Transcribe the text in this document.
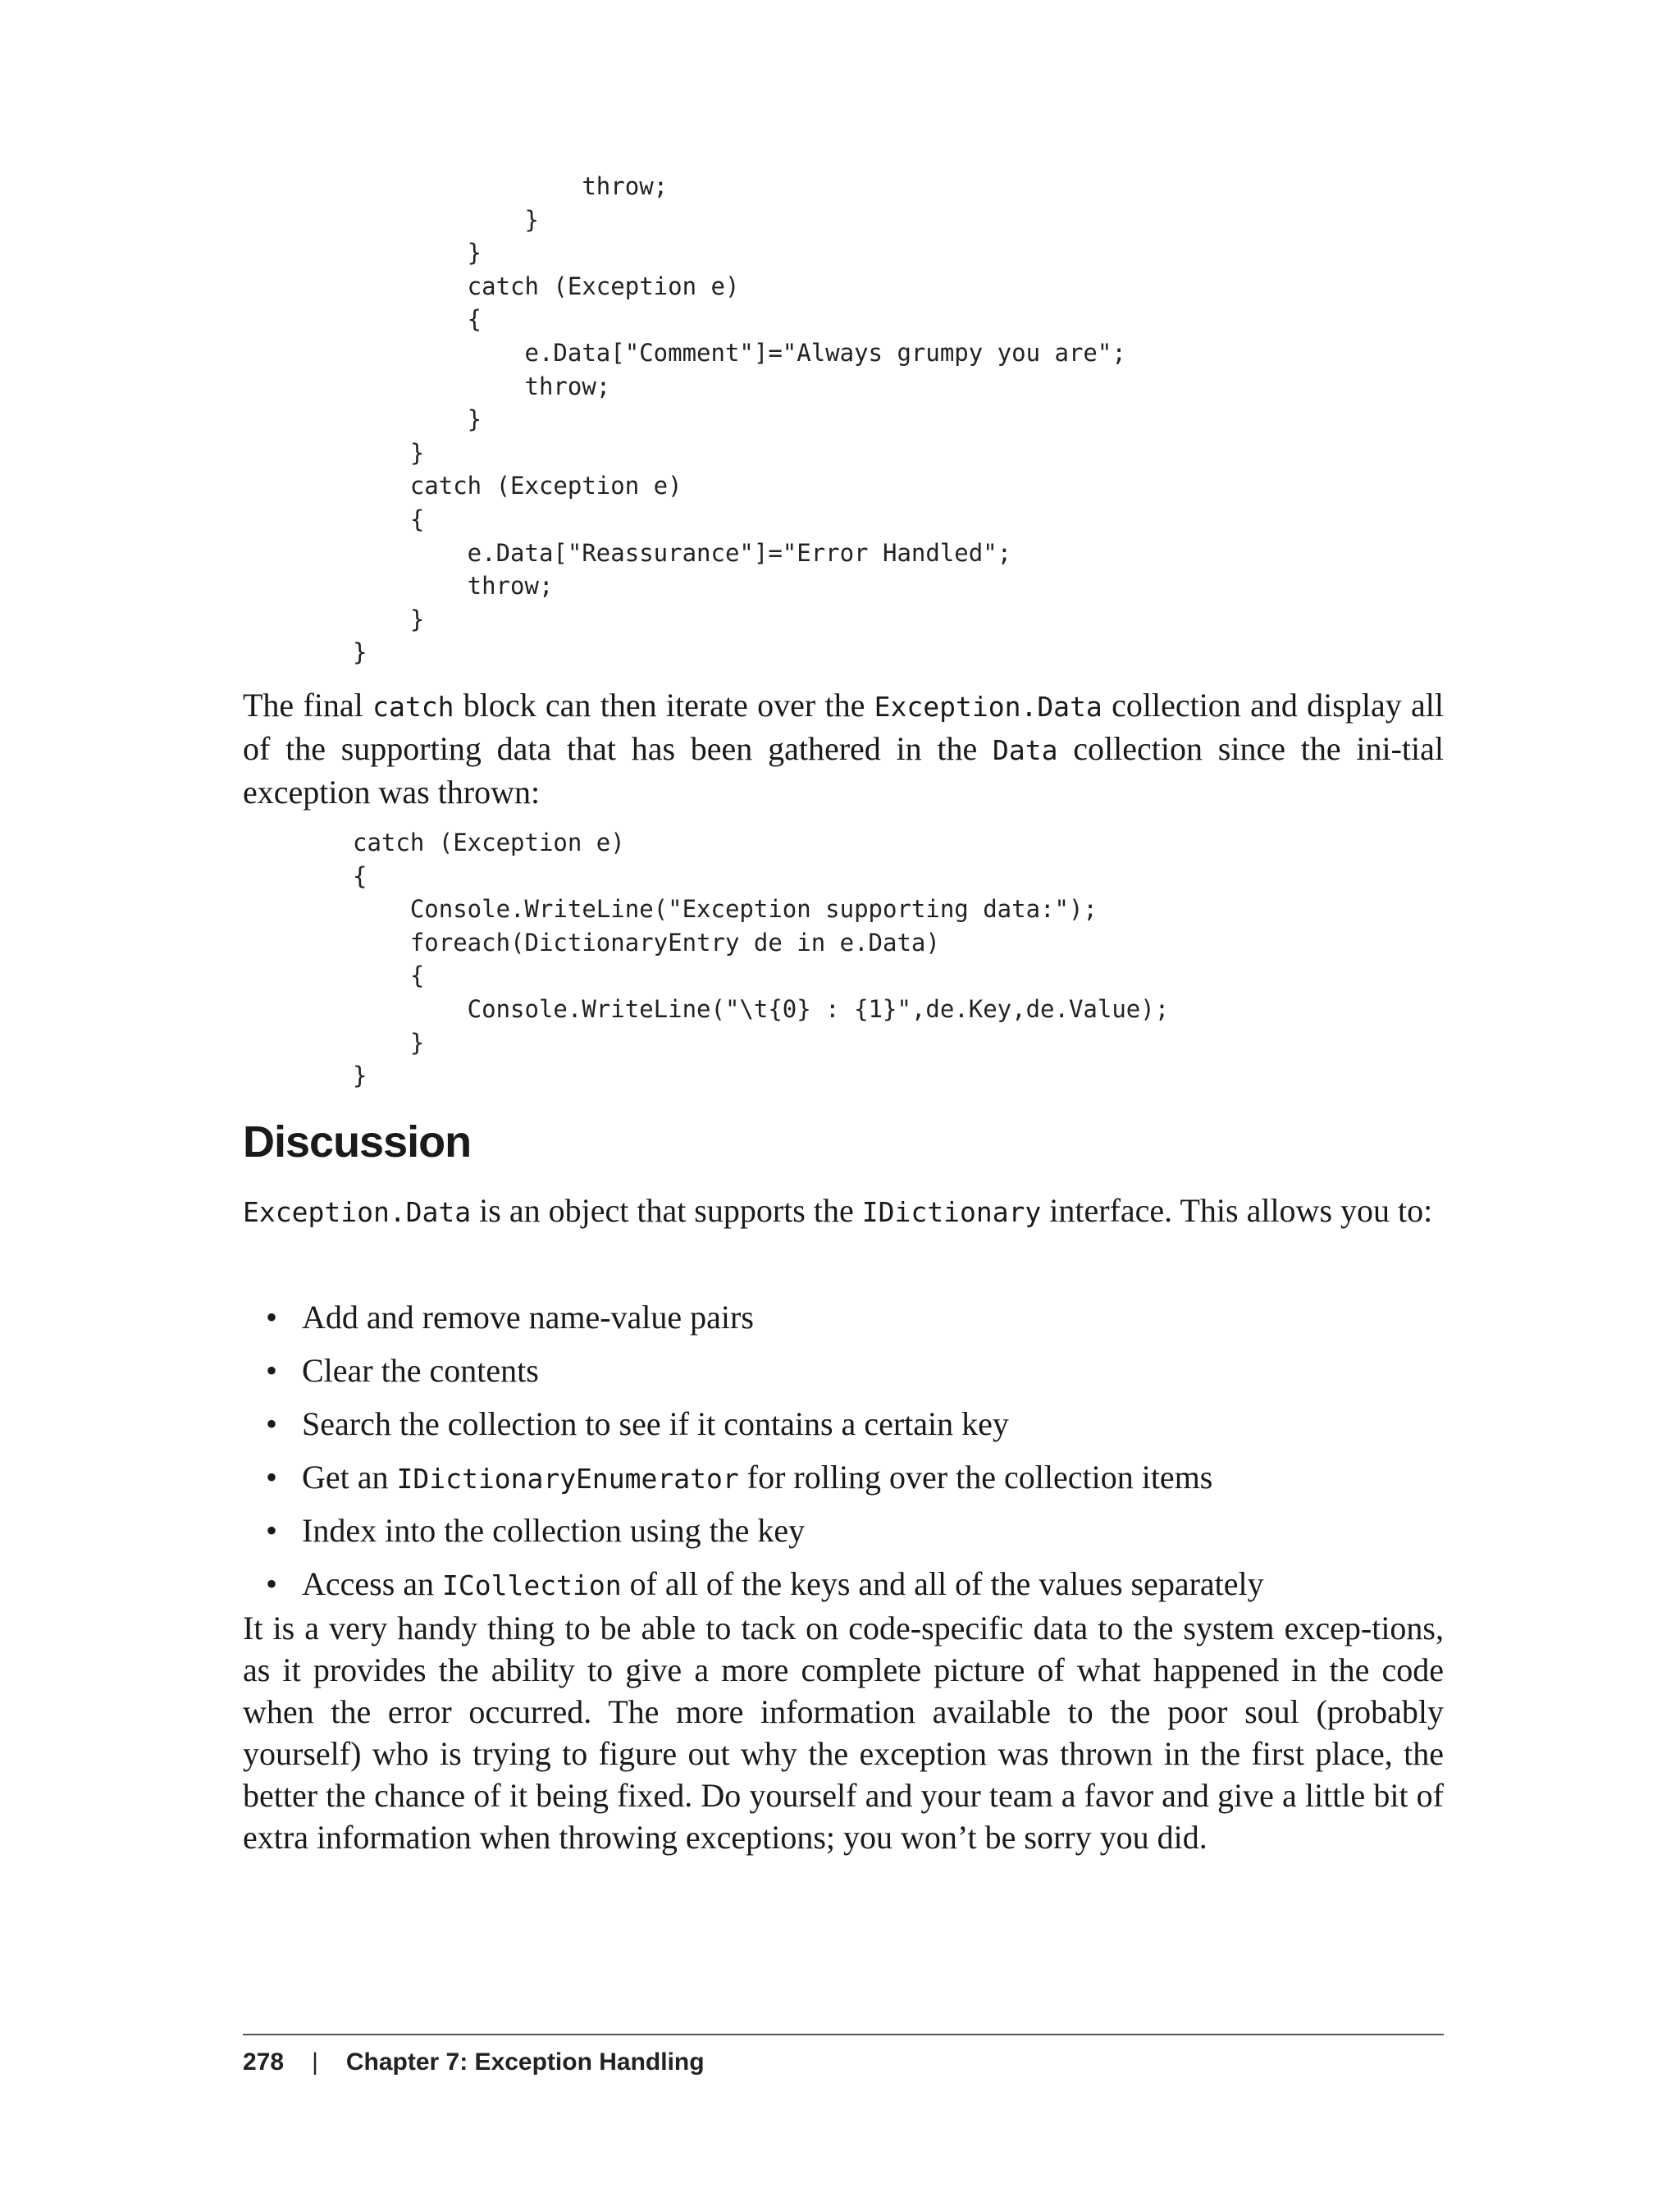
throw;
}
}
catch (Exception e)
{
e.Data["Comment"]="Always grumpy you are";
throw;
}
}
catch (Exception e)
{
e.Data["Reassurance"]="Error Handled";
throw;
}
}

The final catch block can then iterate over the Exception.Data collection and display all of the supporting data that has been gathered in the Data collection since the ini-tial exception was thrown:

catch (Exception e)
{
Console.WriteLine("Exception supporting data:");
foreach(DictionaryEntry de in e.Data)
{
Console.WriteLine("\t{0} : {1}",de.Key,de.Value);
}
}
Discussion

Exception.Data is an object that supports the IDictionary interface. This allows you to:

• Add and remove name-value pairs
• Clear the contents
• Search the collection to see if it contains a certain key
• Get an IDictionaryEnumerator for rolling over the collection items
• Index into the collection using the key
• Access an ICollection of all of the keys and all of the values separately

It is a very handy thing to be able to tack on code-specific data to the system excep-tions, as it provides the ability to give a more complete picture of what happened in the code when the error occurred. The more information available to the poor soul (probably yourself) who is trying to figure out why the exception was thrown in the first place, the better the chance of it being fixed. Do yourself and your team a favor and give a little bit of extra information when throwing exceptions; you won’t be sorry you did.

278 | Chapter 7: Exception Handling
